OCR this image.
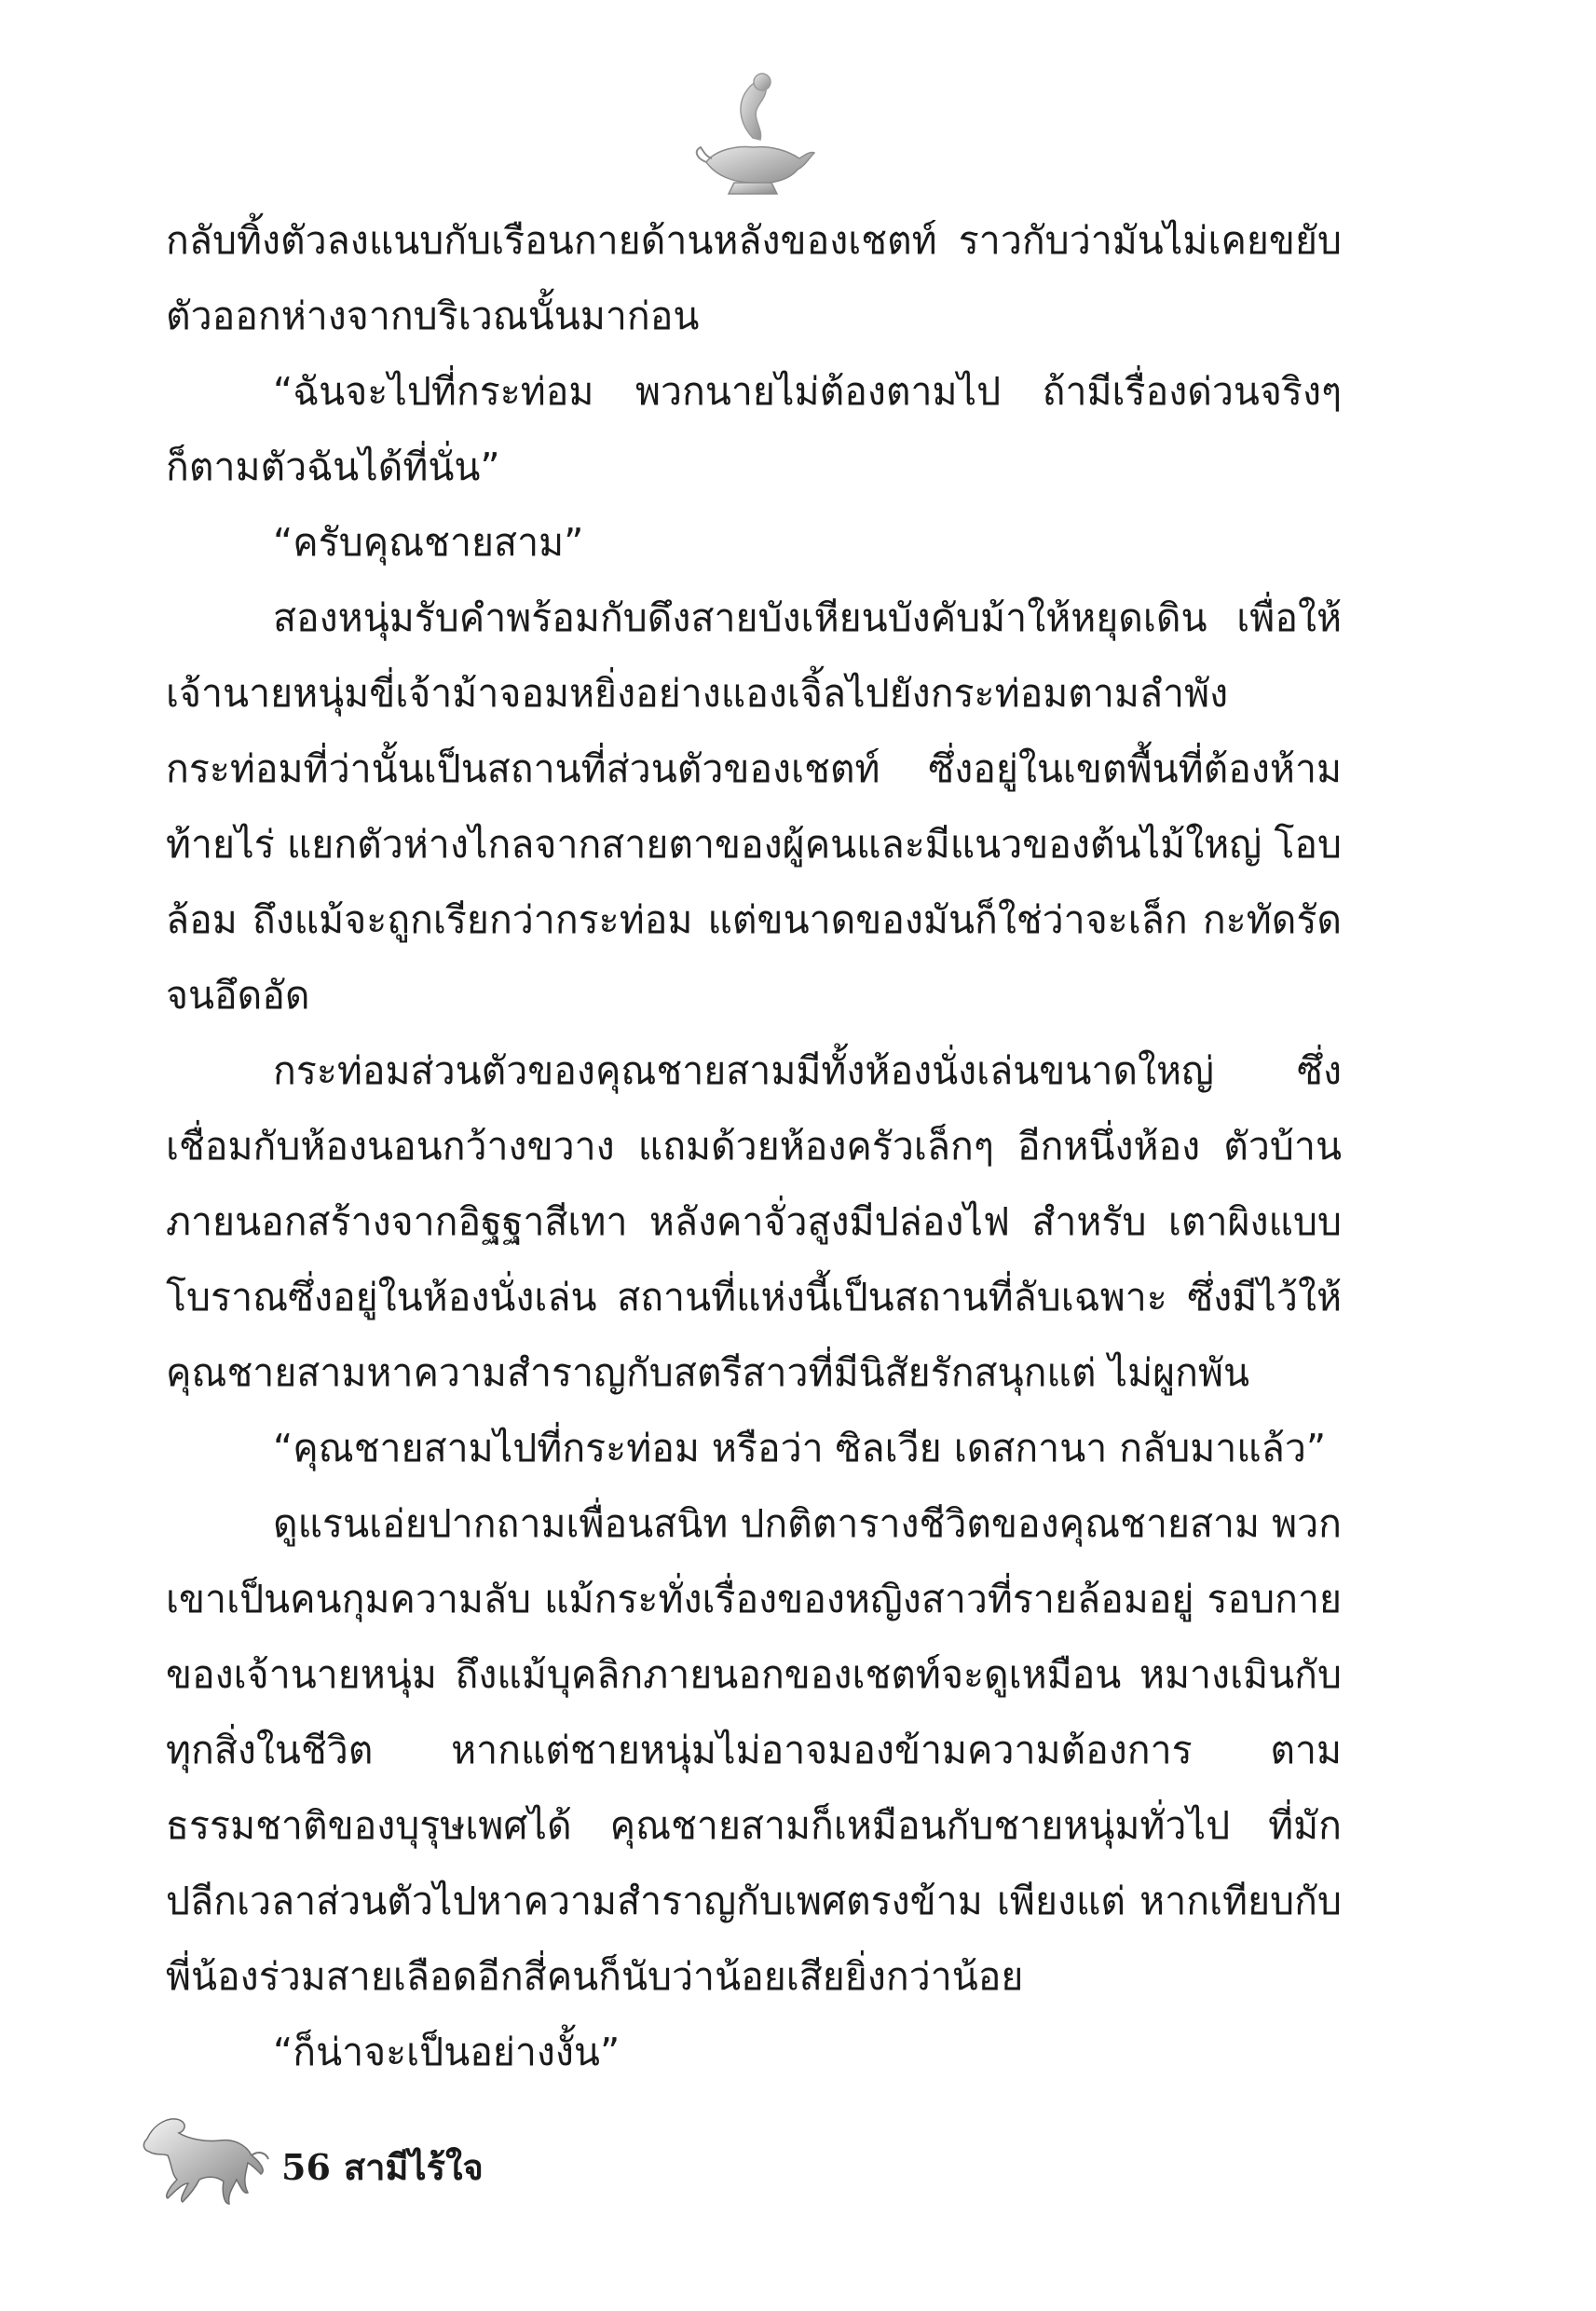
กลับทิ้งตัวลงแนบกับเรือนกายด้านหลังของเชตท์ ราวกับว่ามันไม่เคยขยับตัวออกห่างจากบริเวณนั้นมาก่อน

“ฉันจะไปที่กระท่อม พวกนายไม่ต้องตามไป ถ้ามีเรื่องด่วนจริงๆ ก็ตามตัวฉันได้ที่นั่น”

“ครับคุณชายสาม”

สองหนุ่มรับคำพร้อมกับดึงสายบังเหียนบังคับม้าให้หยุดเดิน เพื่อให้เจ้านายหนุ่มขี่เจ้าม้าจอมหยิ่งอย่างแองเจิ้ลไปยังกระท่อมตามลำพัง กระท่อมที่ว่านั้นเป็นสถานที่ส่วนตัวของเชตท์ ซึ่งอยู่ในเขตพื้นที่ต้องห้าม ท้ายไร่ แยกตัวห่างไกลจากสายตาของผู้คนและมีแนวของต้นไม้ใหญ่ โอบล้อม ถึงแม้จะถูกเรียกว่ากระท่อม แต่ขนาดของมันก็ใช่ว่าจะเล็ก กะทัดรัดจนอึดอัด

กระท่อมส่วนตัวของคุณชายสามมีทั้งห้องนั่งเล่นขนาดใหญ่ ซึ่งเชื่อมกับห้องนอนกว้างขวาง แถมด้วยห้องครัวเล็กๆ อีกหนึ่งห้อง ตัวบ้านภายนอกสร้างจากอิฐฐาสีเทา หลังคาจั่วสูงมีปล่องไฟ สำหรับ เตาผิงแบบโบราณซึ่งอยู่ในห้องนั่งเล่น สถานที่แห่งนี้เป็นสถานที่ลับเฉพาะ ซึ่งมีไว้ให้คุณชายสามหาความสำราญกับสตรีสาวที่มีนิสัยรักสนุกแต่ ไม่ผูกพัน

“คุณชายสามไปที่กระท่อม หรือว่า ซิลเวีย เดสกานา กลับมาแล้ว”

ดูแรนเอ่ยปากถามเพื่อนสนิท ปกติตารางชีวิตของคุณชายสาม พวกเขาเป็นคนกุมความลับ แม้กระทั่งเรื่องของหญิงสาวที่รายล้อมอยู่ รอบกายของเจ้านายหนุ่ม ถึงแม้บุคลิกภายนอกของเชตท์จะดูเหมือน หมางเมินกับทุกสิ่งในชีวิต หากแต่ชายหนุ่มไม่อาจมองข้ามความต้องการ ตามธรรมชาติของบุรุษเพศได้ คุณชายสามก็เหมือนกับชายหนุ่มทั่วไป ที่มักปลีกเวลาส่วนตัวไปหาความสำราญกับเพศตรงข้าม เพียงแต่ หากเทียบกับพี่น้องร่วมสายเลือดอีกสี่คนก็นับว่าน้อยเสียยิ่งกว่าน้อย

“ก็น่าจะเป็นอย่างงั้น”

56 สามีไร้ใจ
